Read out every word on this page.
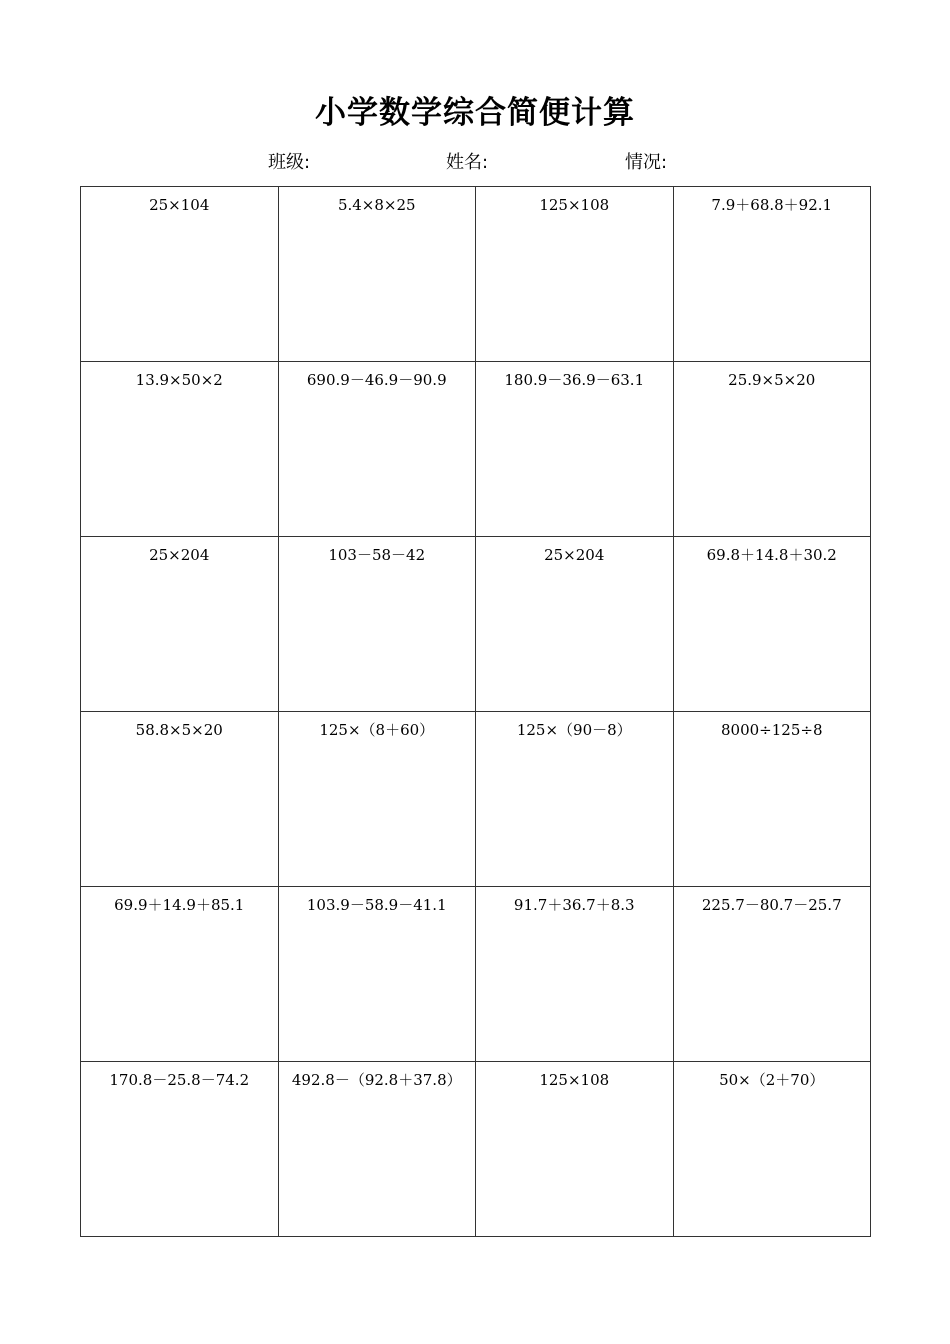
小学数学综合简便计算
班级:	姓名:	情况:
25×104	5.4×8×25	125×108	7.9＋68.8＋92.1
13.9×50×2	690.9－46.9－90.9	180.9－36.9－63.1	25.9×5×20
25×204	103－58－42	25×204	69.8＋14.8＋30.2
58.8×5×20	125×（8＋60）	125×（90－8）	8000÷125÷8
69.9＋14.9＋85.1	103.9－58.9－41.1	91.7＋36.7＋8.3	225.7－80.7－25.7
170.8－25.8－74.2	492.8－（92.8＋37.8）	125×108	50×（2＋70）
